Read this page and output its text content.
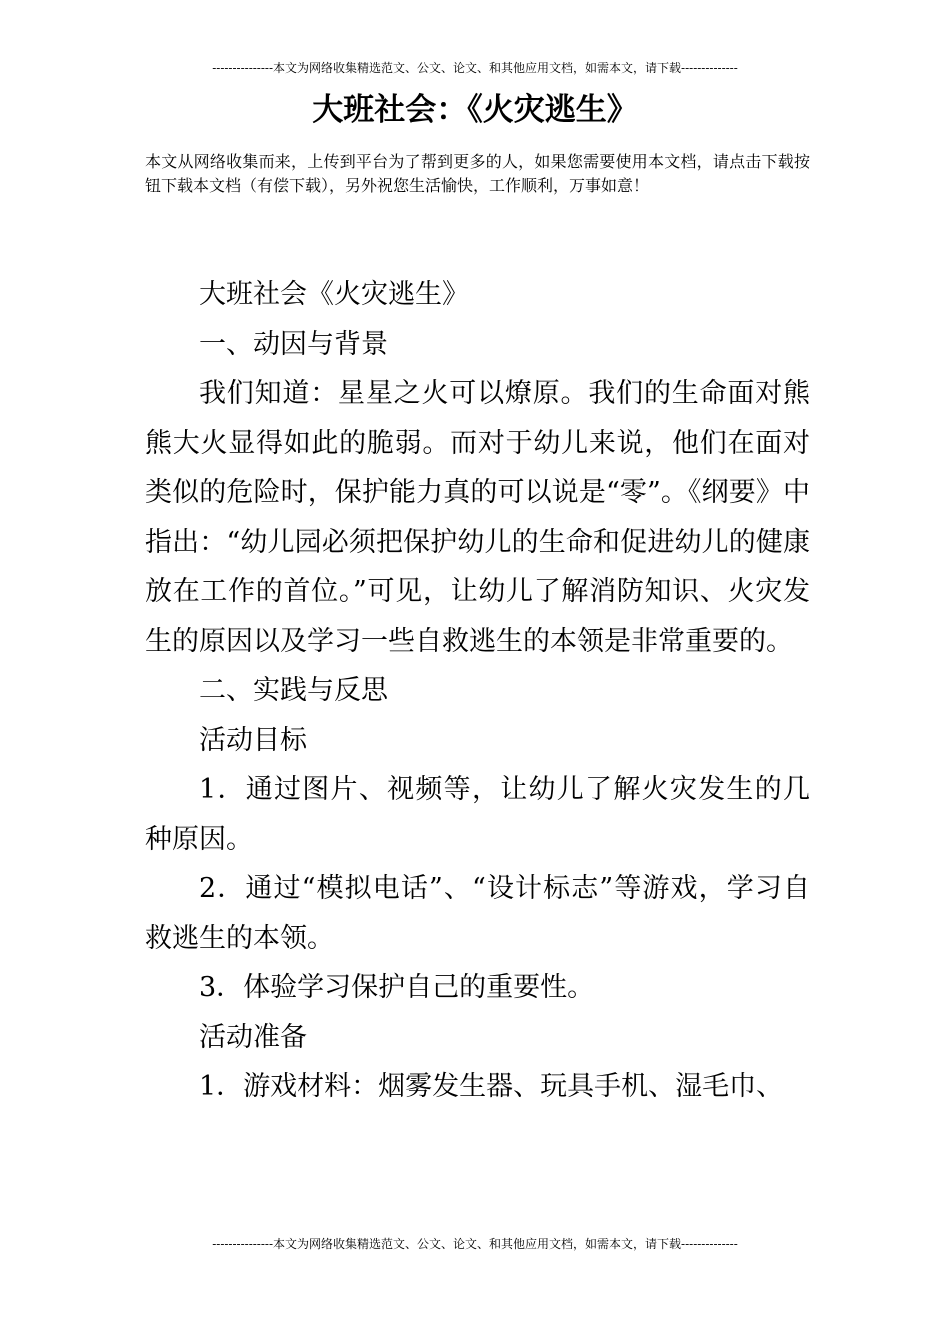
---------------本文为网络收集精选范文、公文、论文、和其他应用文档，如需本文，请下载--------------
大班社会：《火灾逃生》

本文从网络收集而来，上传到平台为了帮到更多的人，如果您需要使用本文档，请点击下载按钮下载本文档（有偿下载），另外祝您生活愉快，工作顺利，万事如意！

大班社会《火灾逃生》

一、动因与背景

我们知道：星星之火可以燎原。我们的生命面对熊熊大火显得如此的脆弱。而对于幼儿来说，他们在面对类似的危险时，保护能力真的可以说是“零”。《纲要》中指出：“幼儿园必须把保护幼儿的生命和促进幼儿的健康放在工作的首位。”可见，让幼儿了解消防知识、火灾发生的原因以及学习一些自救逃生的本领是非常重要的。

二、实践与反思

活动目标

1．通过图片、视频等，让幼儿了解火灾发生的几种原因。

2．通过“模拟电话”、“设计标志”等游戏，学习自救逃生的本领。

3．体验学习保护自己的重要性。

活动准备

1．游戏材料：烟雾发生器、玩具手机、湿毛巾、

---------------本文为网络收集精选范文、公文、论文、和其他应用文档，如需本文，请下载--------------
